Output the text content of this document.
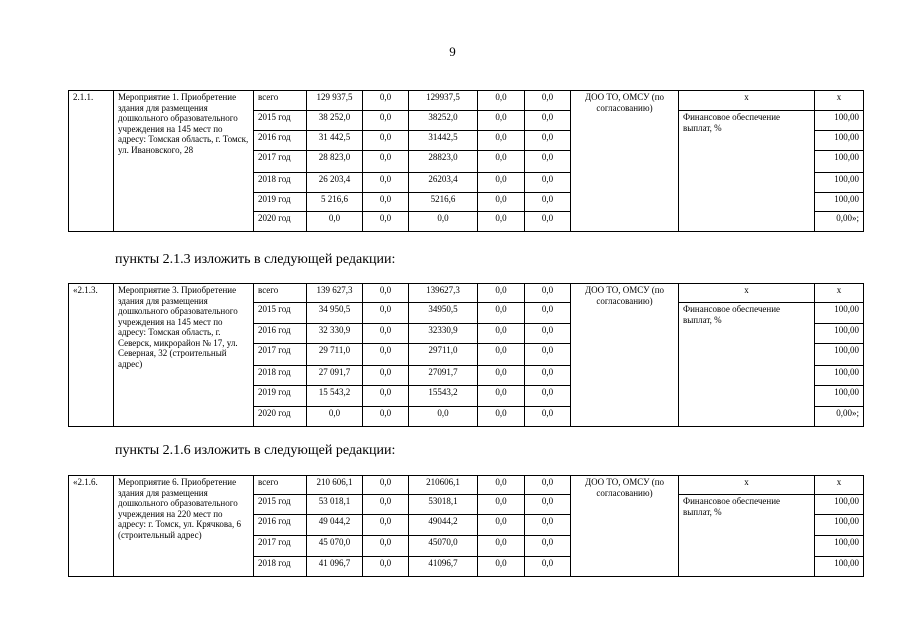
9
2.1.1.	Мероприятие 1. Приобретение здания для размещения дошкольного образовательного учреждения на 145 мест по адресу: Томская область, г. Томск, ул. Ивановского, 28	всего	129 937,5	0,0	129937,5	0,0	0,0	ДОО ТО, ОМСУ (по согласованию)	x	x
		2015 год	38 252,0	0,0	38252,0	0,0	0,0		Финансовое обеспечение выплат, %	100,00
		2016 год	31 442,5	0,0	31442,5	0,0	0,0			100,00
		2017 год	28 823,0	0,0	28823,0	0,0	0,0			100,00
		2018 год	26 203,4	0,0	26203,4	0,0	0,0			100,00
		2019 год	5 216,6	0,0	5216,6	0,0	0,0			100,00
		2020 год	0,0	0,0	0,0	0,0	0,0			0,00»;
«2.1.3.	Мероприятие 3. Приобретение здания для размещения дошкольного образовательного учреждения на 145 мест по адресу: Томская область, г. Северск, микрорайон № 17, ул. Северная, 32 (строительный адрес)	всего	139 627,3	0,0	139627,3	0,0	0,0	ДОО ТО, ОМСУ (по согласованию)	x	x
		2015 год	34 950,5	0,0	34950,5	0,0	0,0		Финансовое обеспечение выплат, %	100,00
		2016 год	32 330,9	0,0	32330,9	0,0	0,0			100,00
		2017 год	29 711,0	0,0	29711,0	0,0	0,0			100,00
		2018 год	27 091,7	0,0	27091,7	0,0	0,0			100,00
		2019 год	15 543,2	0,0	15543,2	0,0	0,0			100,00
		2020 год	0,0	0,0	0,0	0,0	0,0			0,00»;
«2.1.6.	Мероприятие 6. Приобретение здания для размещения дошкольного образовательного учреждения на 220 мест по адресу: г. Томск, ул. Крячкова, 6 (строительный адрес)	всего	210 606,1	0,0	210606,1	0,0	0,0	ДОО ТО, ОМСУ (по согласованию)	x	x
		2015 год	53 018,1	0,0	53018,1	0,0	0,0		Финансовое обеспечение выплат, %	100,00
		2016 год	49 044,2	0,0	49044,2	0,0	0,0			100,00
		2017 год	45 070,0	0,0	45070,0	0,0	0,0			100,00
		2018 год	41 096,7	0,0	41096,7	0,0	0,0			100,00
пункты 2.1.3 изложить в следующей редакции:
пункты 2.1.6 изложить в следующей редакции:
